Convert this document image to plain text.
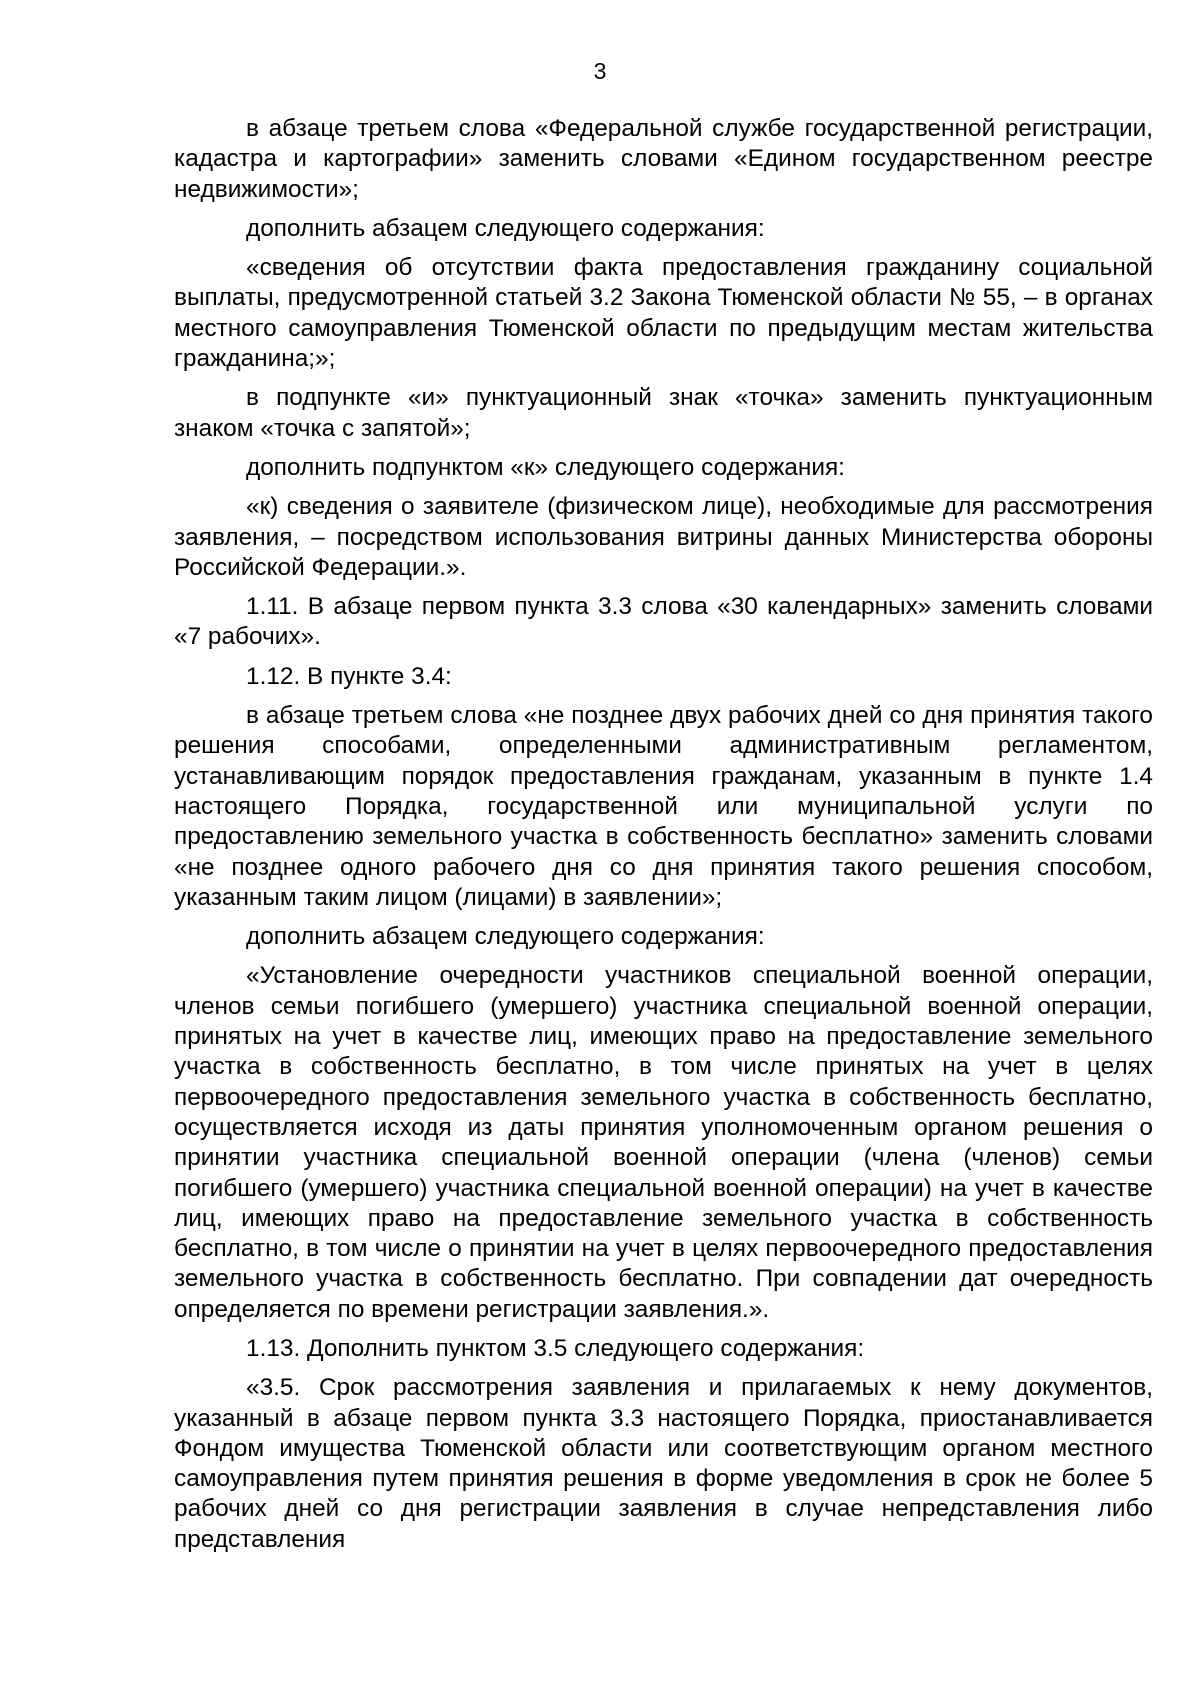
3

в абзаце третьем слова «Федеральной службе государственной регистрации, кадастра и картографии» заменить словами «Едином государственном реестре недвижимости»;

дополнить абзацем следующего содержания:

«сведения об отсутствии факта предоставления гражданину социальной выплаты, предусмотренной статьей 3.2 Закона Тюменской области № 55, – в органах местного самоуправления Тюменской области по предыдущим местам жительства гражданина;»;

в подпункте «и» пунктуационный знак «точка» заменить пунктуационным знаком «точка с запятой»;

дополнить подпунктом «к» следующего содержания:

«к) сведения о заявителе (физическом лице), необходимые для рассмотрения заявления, – посредством использования витрины данных Министерства обороны Российской Федерации.».

1.11. В абзаце первом пункта 3.3 слова «30 календарных» заменить словами «7 рабочих».

1.12. В пункте 3.4:

в абзаце третьем слова «не позднее двух рабочих дней со дня принятия такого решения способами, определенными административным регламентом, устанавливающим порядок предоставления гражданам, указанным в пункте 1.4 настоящего Порядка, государственной или муниципальной услуги по предоставлению земельного участка в собственность бесплатно» заменить словами «не позднее одного рабочего дня со дня принятия такого решения способом, указанным таким лицом (лицами) в заявлении»;

дополнить абзацем следующего содержания:

«Установление очередности участников специальной военной операции, членов семьи погибшего (умершего) участника специальной военной операции, принятых на учет в качестве лиц, имеющих право на предоставление земельного участка в собственность бесплатно, в том числе принятых на учет в целях первоочередного предоставления земельного участка в собственность бесплатно, осуществляется исходя из даты принятия уполномоченным органом решения о принятии участника специальной военной операции (члена (членов) семьи погибшего (умершего) участника специальной военной операции) на учет в качестве лиц, имеющих право на предоставление земельного участка в собственность бесплатно, в том числе о принятии на учет в целях первоочередного предоставления земельного участка в собственность бесплатно. При совпадении дат очередность определяется по времени регистрации заявления.».

1.13. Дополнить пунктом 3.5 следующего содержания:

«3.5. Срок рассмотрения заявления и прилагаемых к нему документов, указанный в абзаце первом пункта 3.3 настоящего Порядка, приостанавливается Фондом имущества Тюменской области или соответствующим органом местного самоуправления путем принятия решения в форме уведомления в срок не более 5 рабочих дней со дня регистрации заявления в случае непредставления либо представления
